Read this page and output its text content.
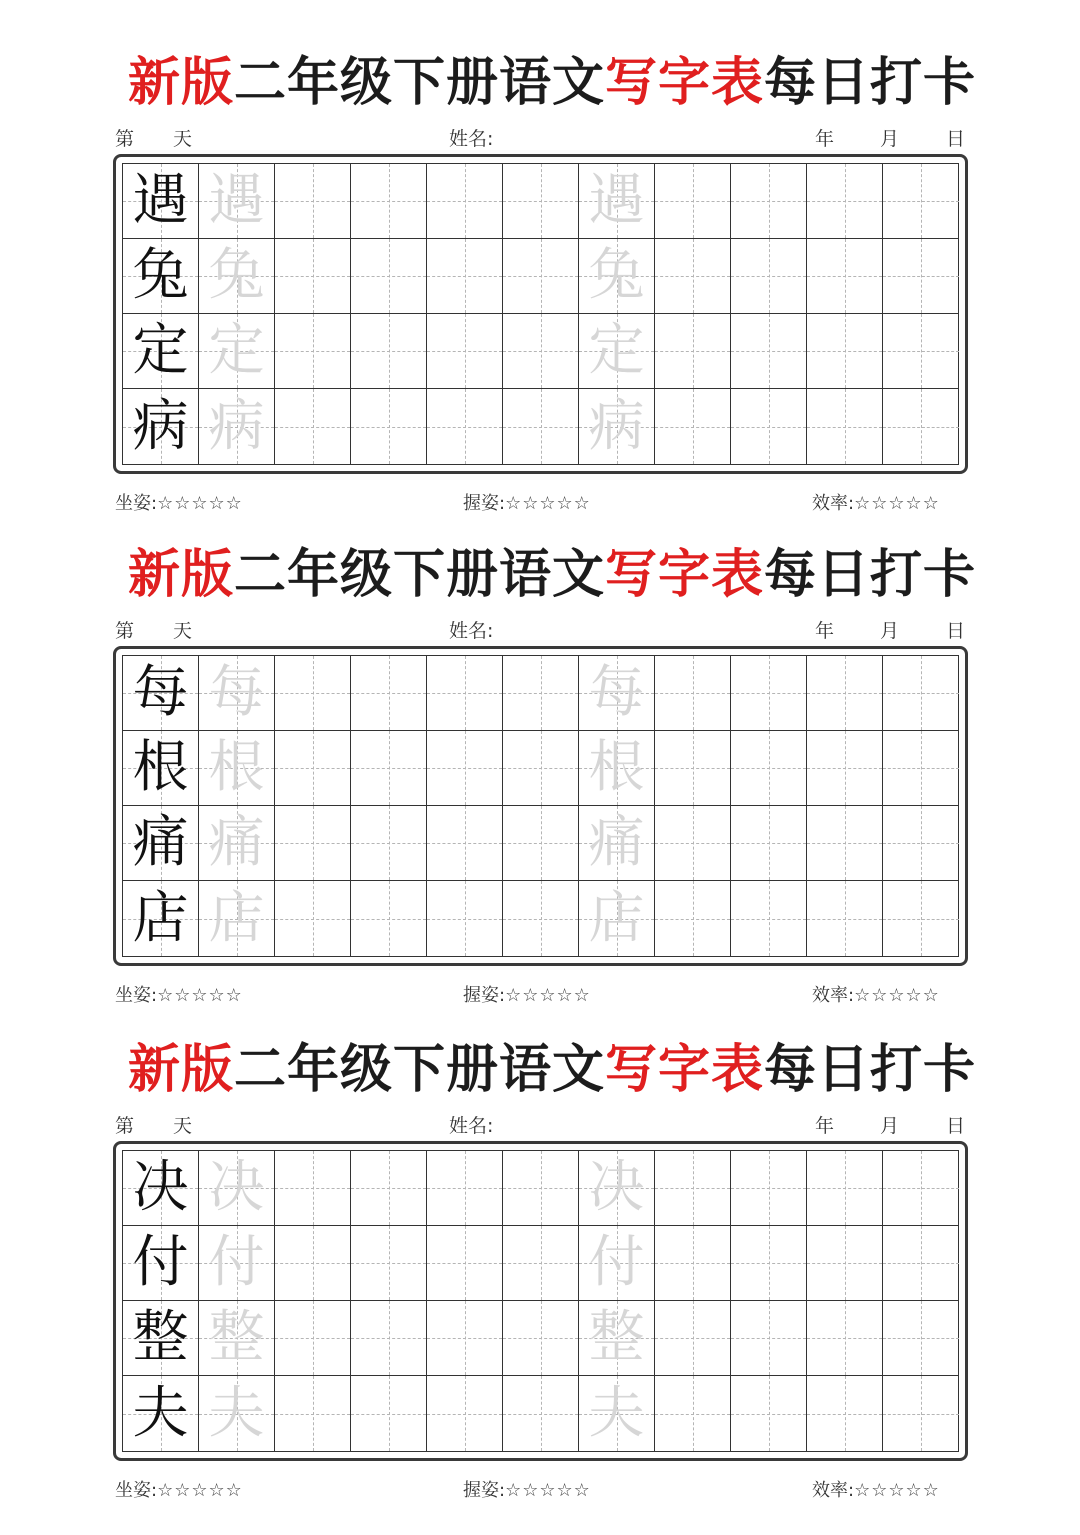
新版二年级下册语文写字表每日打卡
第 天	姓名:	年 月 日
遇 遇	遇
兔 兔	兔
定 定	定
病 病	病
坐姿:☆☆☆☆☆	握姿:☆☆☆☆☆	效率:☆☆☆☆☆
新版二年级下册语文写字表每日打卡
第 天	姓名:	年 月 日
每 每	每
根 根	根
痛 痛	痛
店 店	店
坐姿:☆☆☆☆☆	握姿:☆☆☆☆☆	效率:☆☆☆☆☆
新版二年级下册语文写字表每日打卡
第 天	姓名:	年 月 日
决 决	决
付 付	付
整 整	整
夫 夫	夫
坐姿:☆☆☆☆☆	握姿:☆☆☆☆☆	效率:☆☆☆☆☆
